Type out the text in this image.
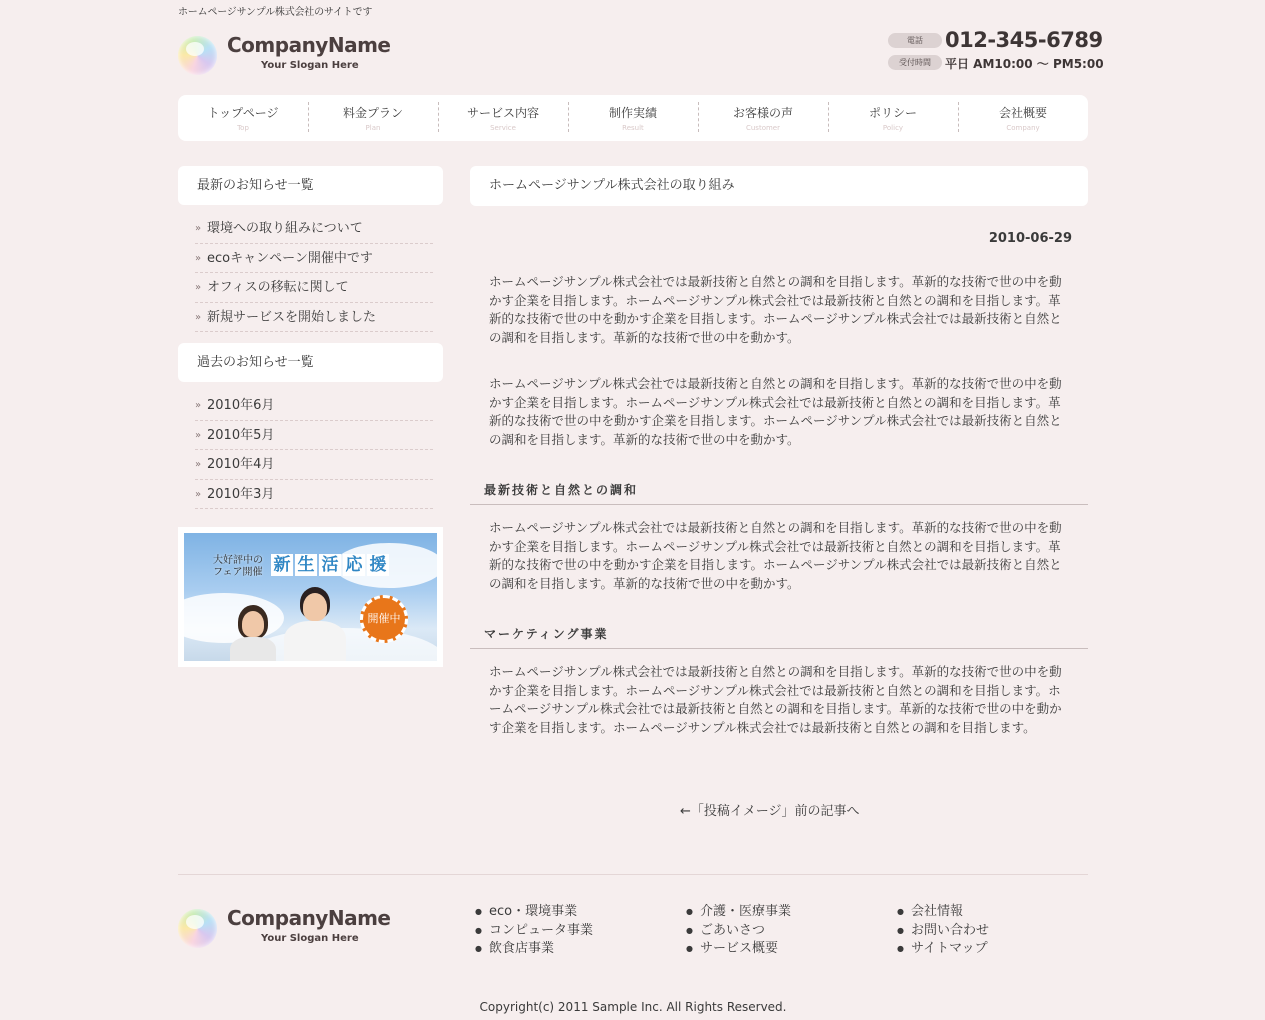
ホームページサンプル株式会社のサイトです
CompanyName
Your Slogan Here
電話	012-345-6789
受付時間	平日 AM10:00 〜 PM5:00
トップページ
Top
料金プラン
Plan
サービス内容
Service
制作実績
Result
お客様の声
Customer
ポリシー
Policy
会社概要
Company
最新のお知らせ一覧
» 環境への取り組みについて
» ecoキャンペーン開催中です
» オフィスの移転に関して
» 新規サービスを開始しました
過去のお知らせ一覧
» 2010年6月
» 2010年5月
» 2010年4月
» 2010年3月
大好評中の
フェア開催 新 生 活 応 援
開催中
ホームページサンプル株式会社の取り組み
2010-06-29

ホームページサンプル株式会社では最新技術と自然との調和を目指します。革新的な技術で世の中を動かす企業を目指します。ホームページサンプル株式会社では最新技術と自然との調和を目指します。革新的な技術で世の中を動かす企業を目指します。ホームページサンプル株式会社では最新技術と自然との調和を目指します。革新的な技術で世の中を動かす。

ホームページサンプル株式会社では最新技術と自然との調和を目指します。革新的な技術で世の中を動かす企業を目指します。ホームページサンプル株式会社では最新技術と自然との調和を目指します。革新的な技術で世の中を動かす企業を目指します。ホームページサンプル株式会社では最新技術と自然との調和を目指します。革新的な技術で世の中を動かす。

最新技術と自然との調和

ホームページサンプル株式会社では最新技術と自然との調和を目指します。革新的な技術で世の中を動かす企業を目指します。ホームページサンプル株式会社では最新技術と自然との調和を目指します。革新的な技術で世の中を動かす企業を目指します。ホームページサンプル株式会社では最新技術と自然との調和を目指します。革新的な技術で世の中を動かす。

マーケティング事業

ホームページサンプル株式会社では最新技術と自然との調和を目指します。革新的な技術で世の中を動かす企業を目指します。ホームページサンプル株式会社では最新技術と自然との調和を目指します。ホームページサンプル株式会社では最新技術と自然との調和を目指します。革新的な技術で世の中を動かす企業を目指します。ホームページサンプル株式会社では最新技術と自然との調和を目指します。

←「投稿イメージ」前の記事へ
CompanyName
Your Slogan Here
● eco・環境事業
● コンピュータ事業
● 飲食店事業
● 介護・医療事業
● ごあいさつ
● サービス概要
● 会社情報
● お問い合わせ
● サイトマップ
Copyright(c) 2011 Sample Inc. All Rights Reserved.
